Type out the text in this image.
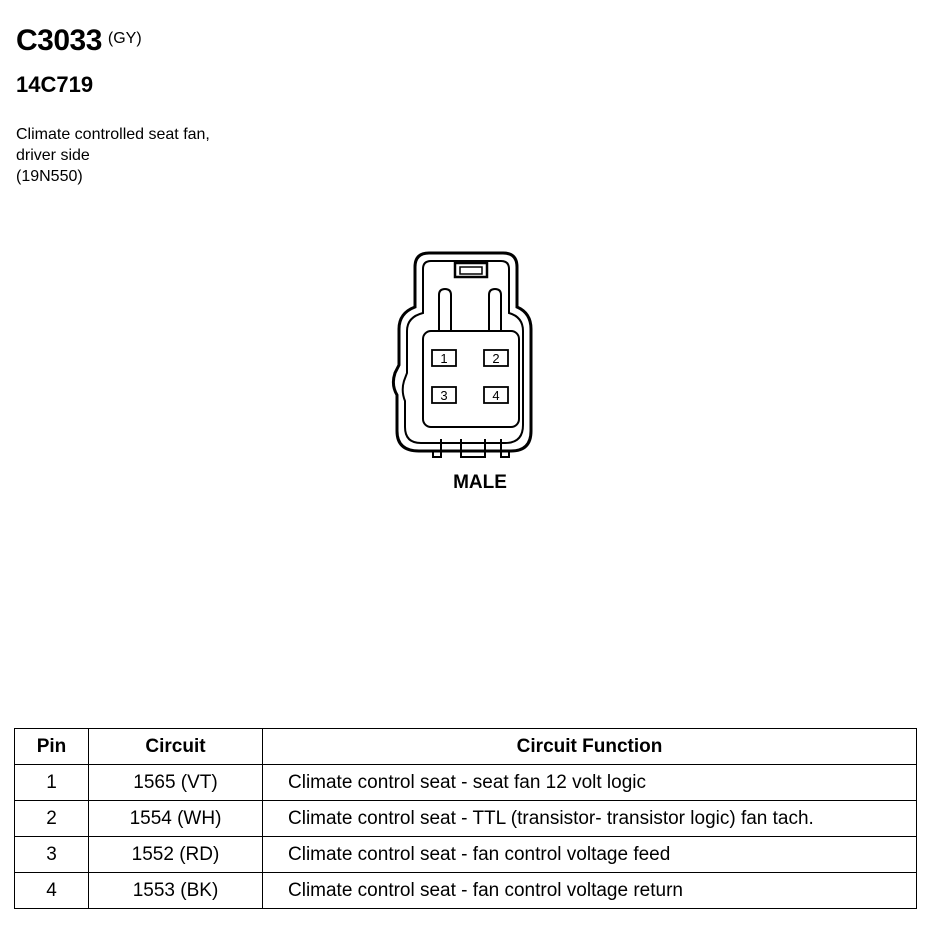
C3033 (GY)
14C719
Climate controlled seat fan,
driver side
(19N550)
1	2
3	4
MALE
Pin	Circuit	Circuit Function
1	1565 (VT)	Climate control seat - seat fan 12 volt logic
2	1554 (WH)	Climate control seat - TTL (transistor- transistor logic) fan tach.
3	1552 (RD)	Climate control seat - fan control voltage feed
4	1553 (BK)	Climate control seat - fan control voltage return
